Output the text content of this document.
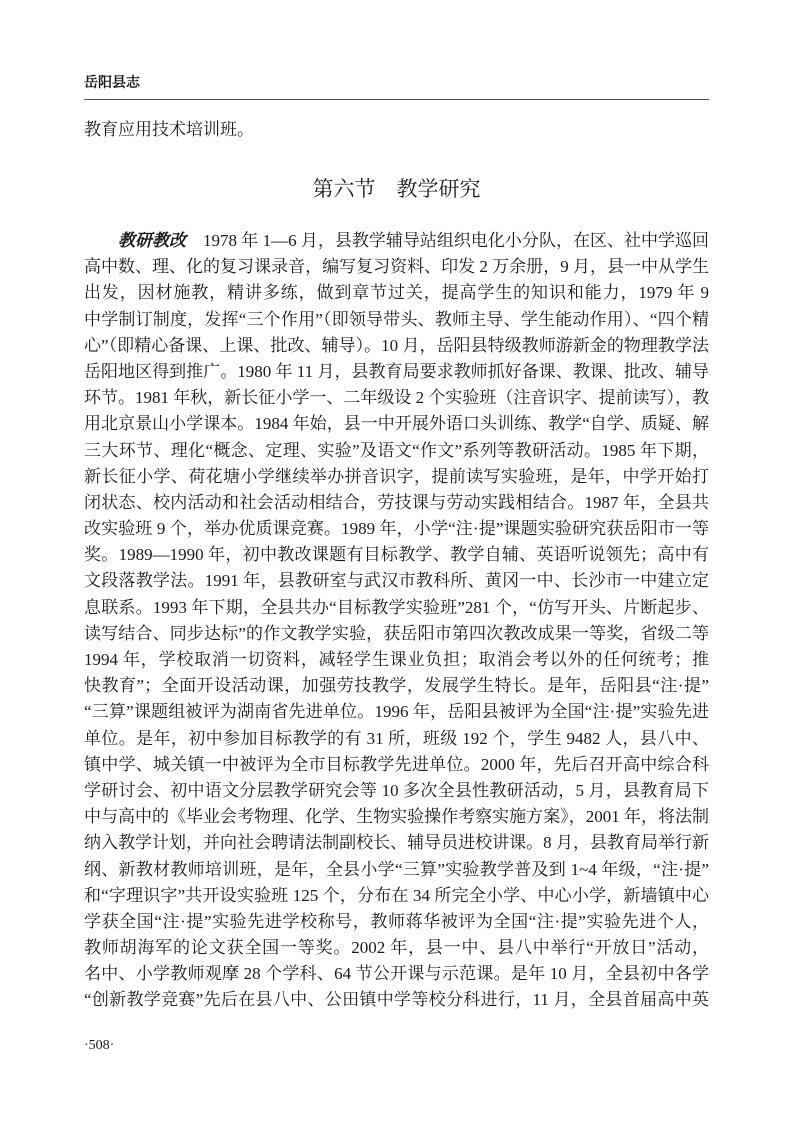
岳阳县志
教育应用技术培训班。
第六节 教学研究
教研教改 1978 年 1—6 月，县教学辅导站组织电化小分队，在区、社中学巡回
高中数、理、化的复习课录音，编写复习资料、印发 2 万余册，9 月，县一中从学生
出发，因材施教，精讲多练，做到章节过关，提高学生的知识和能力，1979 年 9
中学制订制度，发挥“三个作用”（即领导带头、教师主导、学生能动作用）、“四个精
心”（即精心备课、上课、批改、辅导）。10 月，岳阳县特级教师游新金的物理教学法
岳阳地区得到推广。1980 年 11 月，县教育局要求教师抓好备课、教课、批改、辅导
环节。1981 年秋，新长征小学一、二年级设 2 个实验班（注音识字、提前读写），教
用北京景山小学课本。1984 年始，县一中开展外语口头训练、教学“自学、质疑、解
三大环节、理化“概念、定理、实验”及语文“作文”系列等教研活动。1985 年下期，
新长征小学、荷花塘小学继续举办拼音识字，提前读写实验班，是年，中学开始打
闭状态、校内活动和社会活动相结合，劳技课与劳动实践相结合。1987 年，全县共
改实验班 9 个，举办优质课竞赛。1989 年，小学“注·提”课题实验研究获岳阳市一等
奖。1989—1990 年，初中教改课题有目标教学、教学自辅、英语听说领先；高中有
文段落教学法。1991 年，县教研室与武汉市教科所、黄冈一中、长沙市一中建立定
息联系。1993 年下期，全县共办“目标教学实验班”281 个，“仿写开头、片断起步、
读写结合、同步达标”的作文教学实验，获岳阳市第四次教改成果一等奖，省级二等
1994 年，学校取消一切资料，减轻学生课业负担；取消会考以外的任何统考；推
快教育”；全面开设活动课，加强劳技教学，发展学生特长。是年，岳阳县“注·提”
“三算”课题组被评为湖南省先进单位。1996 年，岳阳县被评为全国“注·提”实验先进
单位。是年，初中参加目标教学的有 31 所，班级 192 个，学生 9482 人，县八中、
镇中学、城关镇一中被评为全市目标教学先进单位。2000 年，先后召开高中综合科
学研讨会、初中语文分层教学研究会等 10 多次全县性教研活动，5 月，县教育局下
中与高中的《毕业会考物理、化学、生物实验操作考察实施方案》，2001 年，将法制
纳入教学计划，并向社会聘请法制副校长、辅导员进校讲课。8 月，县教育局举行新
纲、新教材教师培训班，是年，全县小学“三算”实验教学普及到 1~4 年级，“注·提”
和“字理识字”共开设实验班 125 个，分布在 34 所完全小学、中心小学，新墙镇中心
学获全国“注·提”实验先进学校称号，教师蒋华被评为全国“注·提”实验先进个人，
教师胡海军的论文获全国一等奖。2002 年，县一中、县八中举行“开放日”活动，
名中、小学教师观摩 28 个学科、64 节公开课与示范课。是年 10 月，全县初中各学
“创新教学竞赛”先后在县八中、公田镇中学等校分科进行，11 月，全县首届高中英
·508·
